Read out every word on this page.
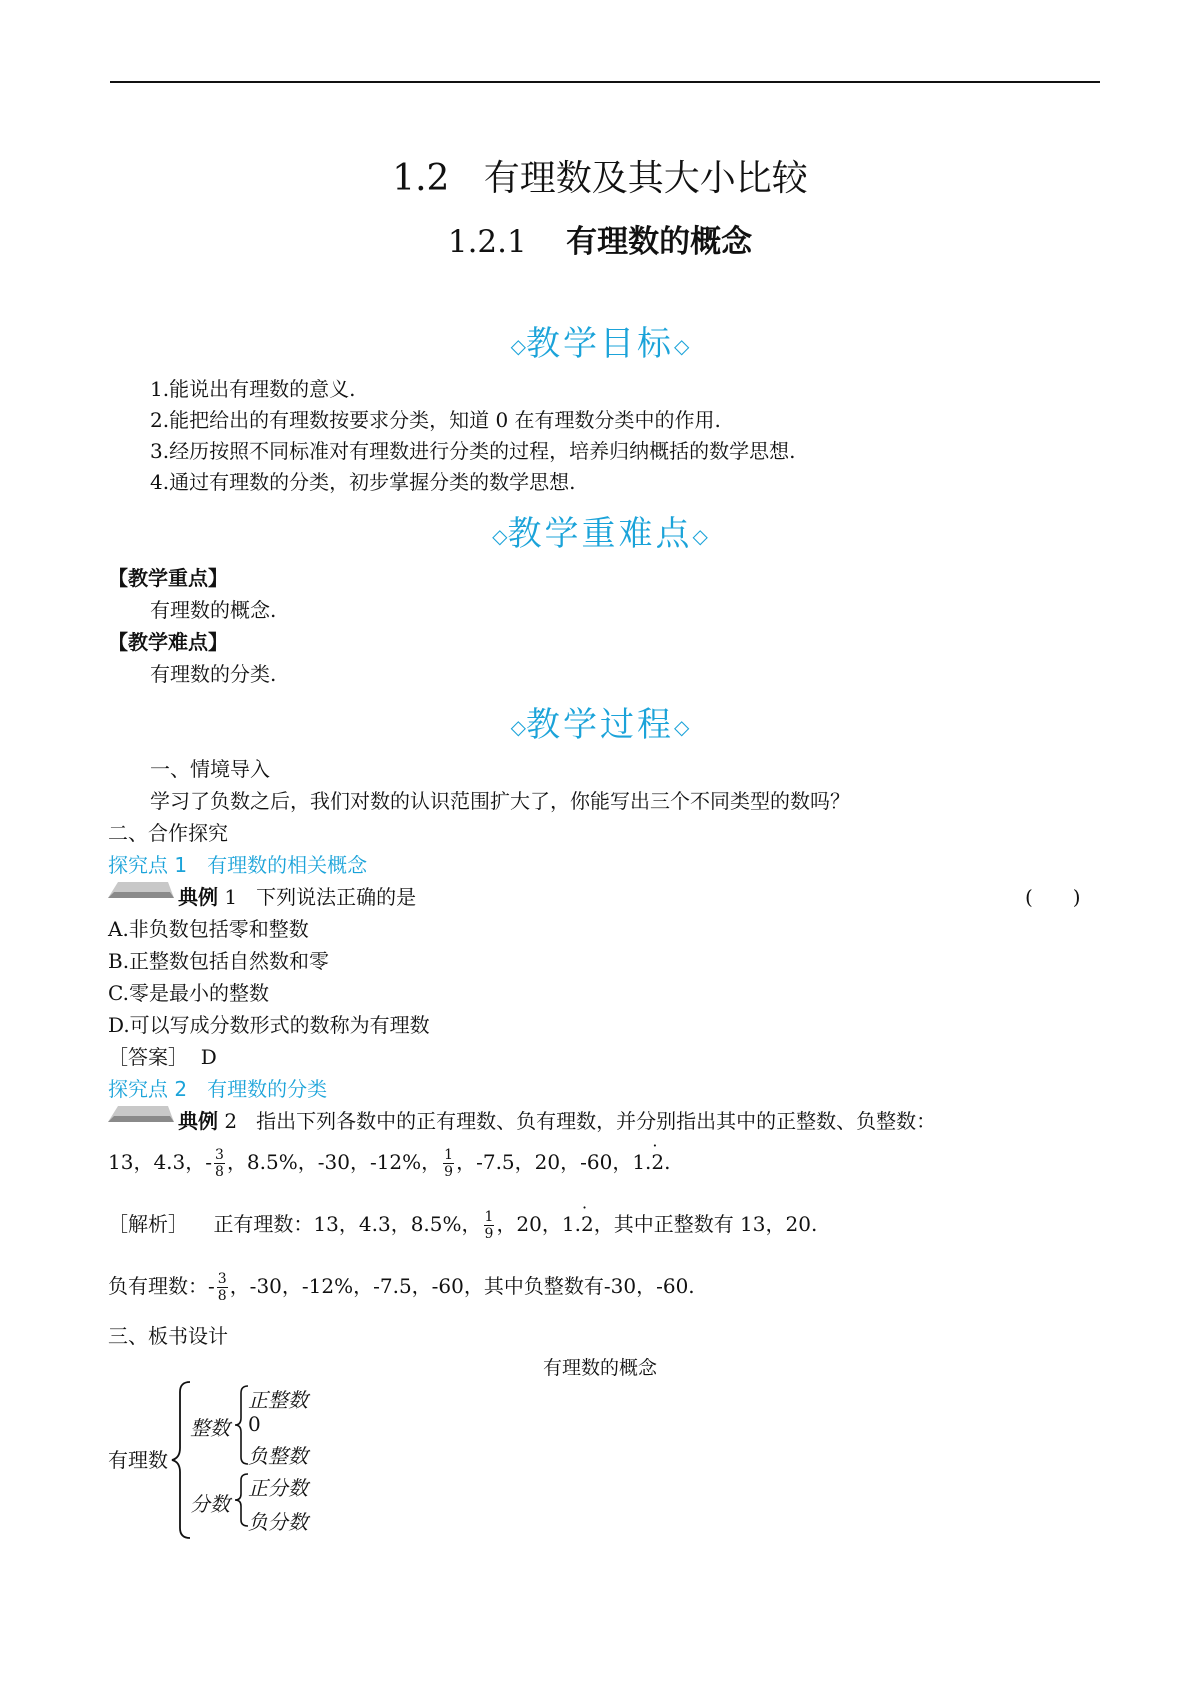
1.2 有理数及其大小比较
1.2.1 有理数的概念
◇教学目标◇
1.能说出有理数的意义.
2.能把给出的有理数按要求分类，知道 0 在有理数分类中的作用.
3.经历按照不同标准对有理数进行分类的过程，培养归纳概括的数学思想.
4.通过有理数的分类，初步掌握分类的数学思想.
◇教学重难点◇
【教学重点】
有理数的概念.
【教学难点】
有理数的分类.
◇教学过程◇
一、情境导入
学习了负数之后，我们对数的认识范围扩大了，你能写出三个不同类型的数吗？
二、合作探究
探究点 1　有理数的相关概念
典例 1 下列说法正确的是	(　　)
A.非负数包括零和整数
B.正整数包括自然数和零
C.零是最小的整数
D.可以写成分数形式的数称为有理数
［答案］ D
探究点 2　有理数的分类
典例 2 指出下列各数中的正有理数、负有理数，并分别指出其中的正整数、负整数：
13，4.3，- $\frac{3}{8}$ ，8.5%，-30，-12%， $\frac{1}{9}$ ，-7.5，20，-60，1.· 2.
［解析］ 正有理数：13，4.3，8.5%， $\frac{1}{9}$ ，20，1.· 2，其中正整数有 13，20.
负有理数：- $\frac{3}{8}$ ，-30，-12%，-7.5，-60，其中负整数有-30，-60.
三、板书设计
有理数的概念
有理数
整数
正整数
0
负整数
分数
正分数
负分数
